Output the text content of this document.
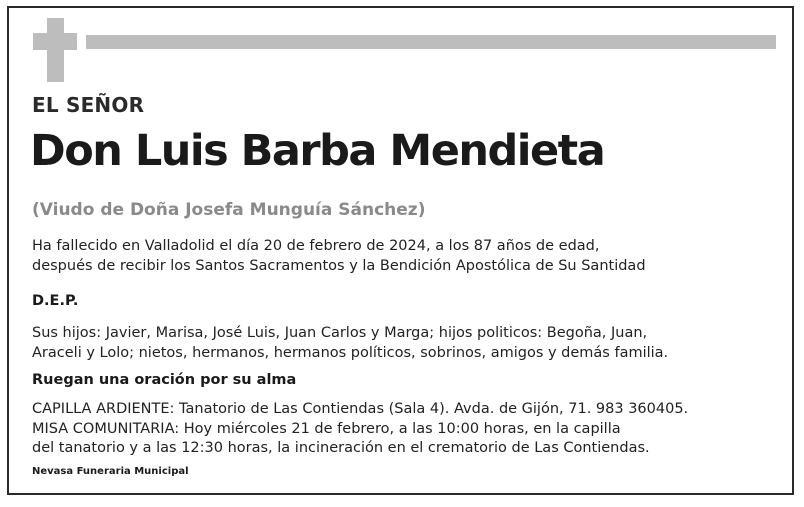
EL SEÑOR
Don Luis Barba Mendieta

(Viudo de Doña Josefa Munguía Sánchez)

Ha fallecido en Valladolid el día 20 de febrero de 2024, a los 87 años de edad,
después de recibir los Santos Sacramentos y la Bendición Apostólica de Su Santidad

D.E.P.

Sus hijos: Javier, Marisa, José Luis, Juan Carlos y Marga; hijos politicos: Begoña, Juan,
Araceli y Lolo; nietos, hermanos, hermanos políticos, sobrinos, amigos y demás familia.

Ruegan una oración por su alma

CAPILLA ARDIENTE: Tanatorio de Las Contiendas (Sala 4). Avda. de Gijón, 71. 983 360405.
MISA COMUNITARIA: Hoy miércoles 21 de febrero, a las 10:00 horas, en la capilla
del tanatorio y a las 12:30 horas, la incineración en el crematorio de Las Contiendas.

Nevasa Funeraria Municipal
